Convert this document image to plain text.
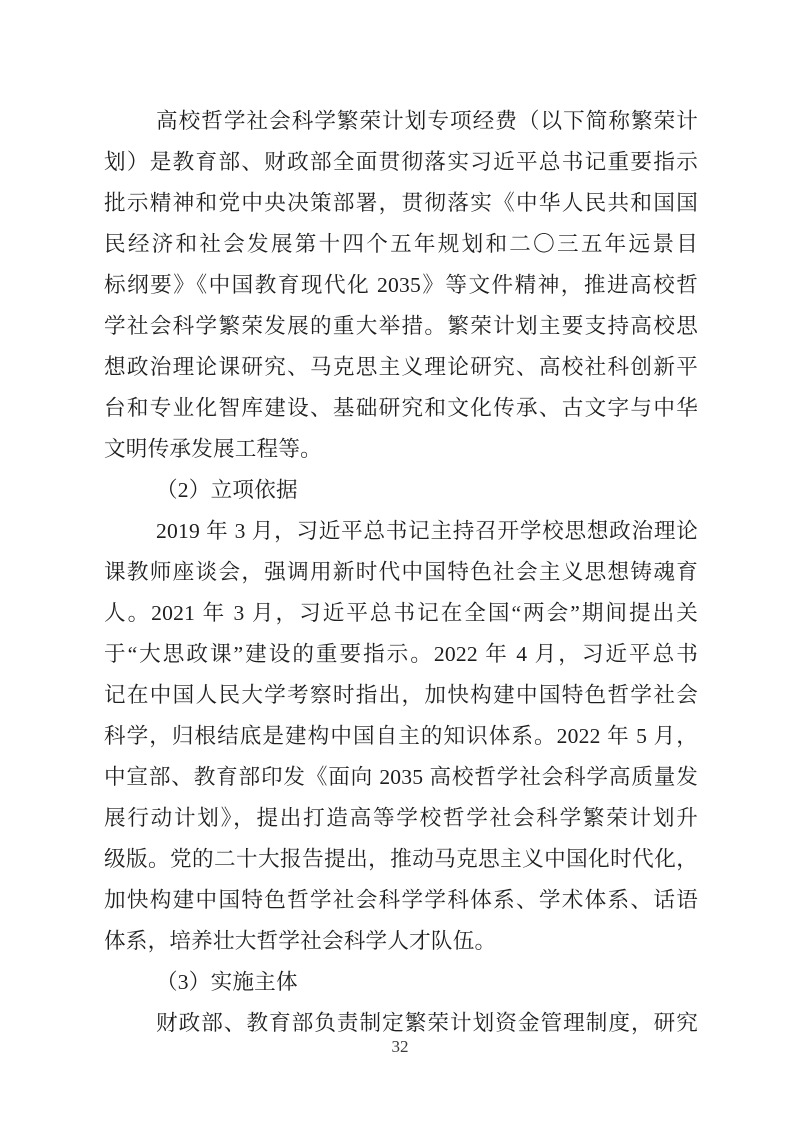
高校哲学社会科学繁荣计划专项经费（以下简称繁荣计
划）是教育部、财政部全面贯彻落实习近平总书记重要指示
批示精神和党中央决策部署，贯彻落实《中华人民共和国国
民经济和社会发展第十四个五年规划和二〇三五年远景目
标纲要》《中国教育现代化 2035》等文件精神，推进高校哲
学社会科学繁荣发展的重大举措。繁荣计划主要支持高校思
想政治理论课研究、马克思主义理论研究、高校社科创新平
台和专业化智库建设、基础研究和文化传承、古文字与中华
文明传承发展工程等。
（2）立项依据
2019 年 3 月，习近平总书记主持召开学校思想政治理论
课教师座谈会，强调用新时代中国特色社会主义思想铸魂育
人。2021 年 3 月，习近平总书记在全国“两会”期间提出关
于“大思政课”建设的重要指示。2022 年 4 月，习近平总书
记在中国人民大学考察时指出，加快构建中国特色哲学社会
科学，归根结底是建构中国自主的知识体系。2022 年 5 月，
中宣部、教育部印发《面向 2035 高校哲学社会科学高质量发
展行动计划》，提出打造高等学校哲学社会科学繁荣计划升
级版。党的二十大报告提出，推动马克思主义中国化时代化，
加快构建中国特色哲学社会科学学科体系、学术体系、话语
体系，培养壮大哲学社会科学人才队伍。
（3）实施主体
财政部、教育部负责制定繁荣计划资金管理制度，研究
32
